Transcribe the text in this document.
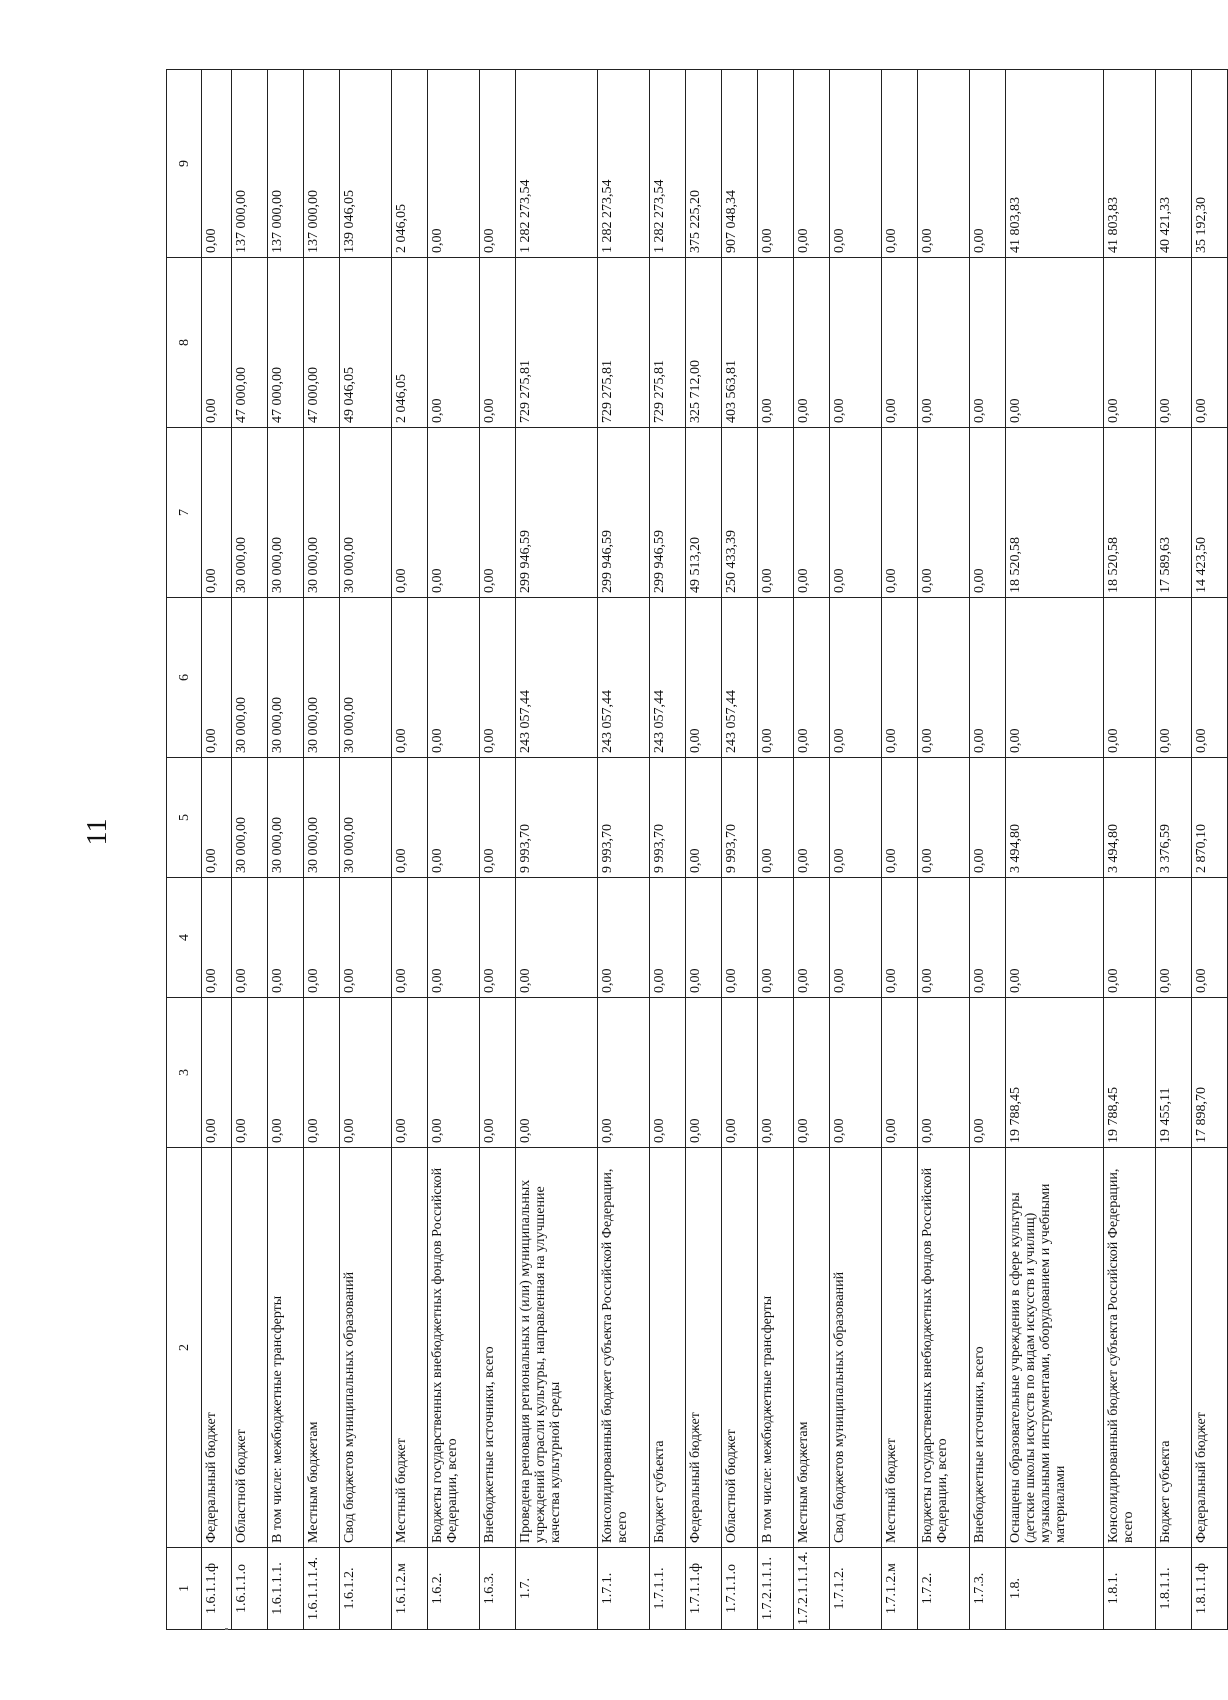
11
1	2	3	4	5	6	7	8	9
1.6.1.1.ф	Федеральный бюджет	0,00	0,00	0,00	0,00	0,00	0,00	0,00
1.6.1.1.о	Областной бюджет	0,00	0,00	30 000,00	30 000,00	30 000,00	47 000,00	137 000,00
1.6.1.1.1.	В том числе: межбюджетные трансферты	0,00	0,00	30 000,00	30 000,00	30 000,00	47 000,00	137 000,00
1.6.1.1.1.4.	Местным бюджетам	0,00	0,00	30 000,00	30 000,00	30 000,00	47 000,00	137 000,00
1.6.1.2.	Свод бюджетов муниципальных образований	0,00	0,00	30 000,00	30 000,00	30 000,00	49 046,05	139 046,05
1.6.1.2.м	Местный бюджет	0,00	0,00	0,00	0,00	0,00	2 046,05	2 046,05
1.6.2.	Бюджеты государственных внебюджетных фондов Российской Федерации, всего	0,00	0,00	0,00	0,00	0,00	0,00	0,00
1.6.3.	Внебюджетные источники, всего	0,00	0,00	0,00	0,00	0,00	0,00	0,00
1.7.	Проведена реновация региональных и (или) муниципальных учреждений отрасли культуры, направленная на улучшение качества культурной среды	0,00	0,00	9 993,70	243 057,44	299 946,59	729 275,81	1 282 273,54
1.7.1.	Консолидированный бюджет субъекта Российской Федерации, всего	0,00	0,00	9 993,70	243 057,44	299 946,59	729 275,81	1 282 273,54
1.7.1.1.	Бюджет субъекта	0,00	0,00	9 993,70	243 057,44	299 946,59	729 275,81	1 282 273,54
1.7.1.1.ф	Федеральный бюджет	0,00	0,00	0,00	0,00	49 513,20	325 712,00	375 225,20
1.7.1.1.о	Областной бюджет	0,00	0,00	9 993,70	243 057,44	250 433,39	403 563,81	907 048,34
1.7.2.1.1.1.	В том числе: межбюджетные трансферты	0,00	0,00	0,00	0,00	0,00	0,00	0,00
1.7.2.1.1.1.4.	Местным бюджетам	0,00	0,00	0,00	0,00	0,00	0,00	0,00
1.7.1.2.	Свод бюджетов муниципальных образований	0,00	0,00	0,00	0,00	0,00	0,00	0,00
1.7.1.2.м	Местный бюджет	0,00	0,00	0,00	0,00	0,00	0,00	0,00
1.7.2.	Бюджеты государственных внебюджетных фондов Российской Федерации, всего	0,00	0,00	0,00	0,00	0,00	0,00	0,00
1.7.3.	Внебюджетные источники, всего	0,00	0,00	0,00	0,00	0,00	0,00	0,00
1.8.	Оснащены образовательные учреждения в сфере культуры (детские школы искусств по видам искусств и училищ) музыкальными инструментами, оборудованием и учебными материалами	19 788,45	0,00	3 494,80	0,00	18 520,58	0,00	41 803,83
1.8.1.	Консолидированный бюджет субъекта Российской Федерации, всего	19 788,45	0,00	3 494,80	0,00	18 520,58	0,00	41 803,83
1.8.1.1.	Бюджет субъекта	19 455,11	0,00	3 376,59	0,00	17 589,63	0,00	40 421,33
1.8.1.1.ф	Федеральный бюджет	17 898,70	0,00	2 870,10	0,00	14 423,50	0,00	35 192,30
